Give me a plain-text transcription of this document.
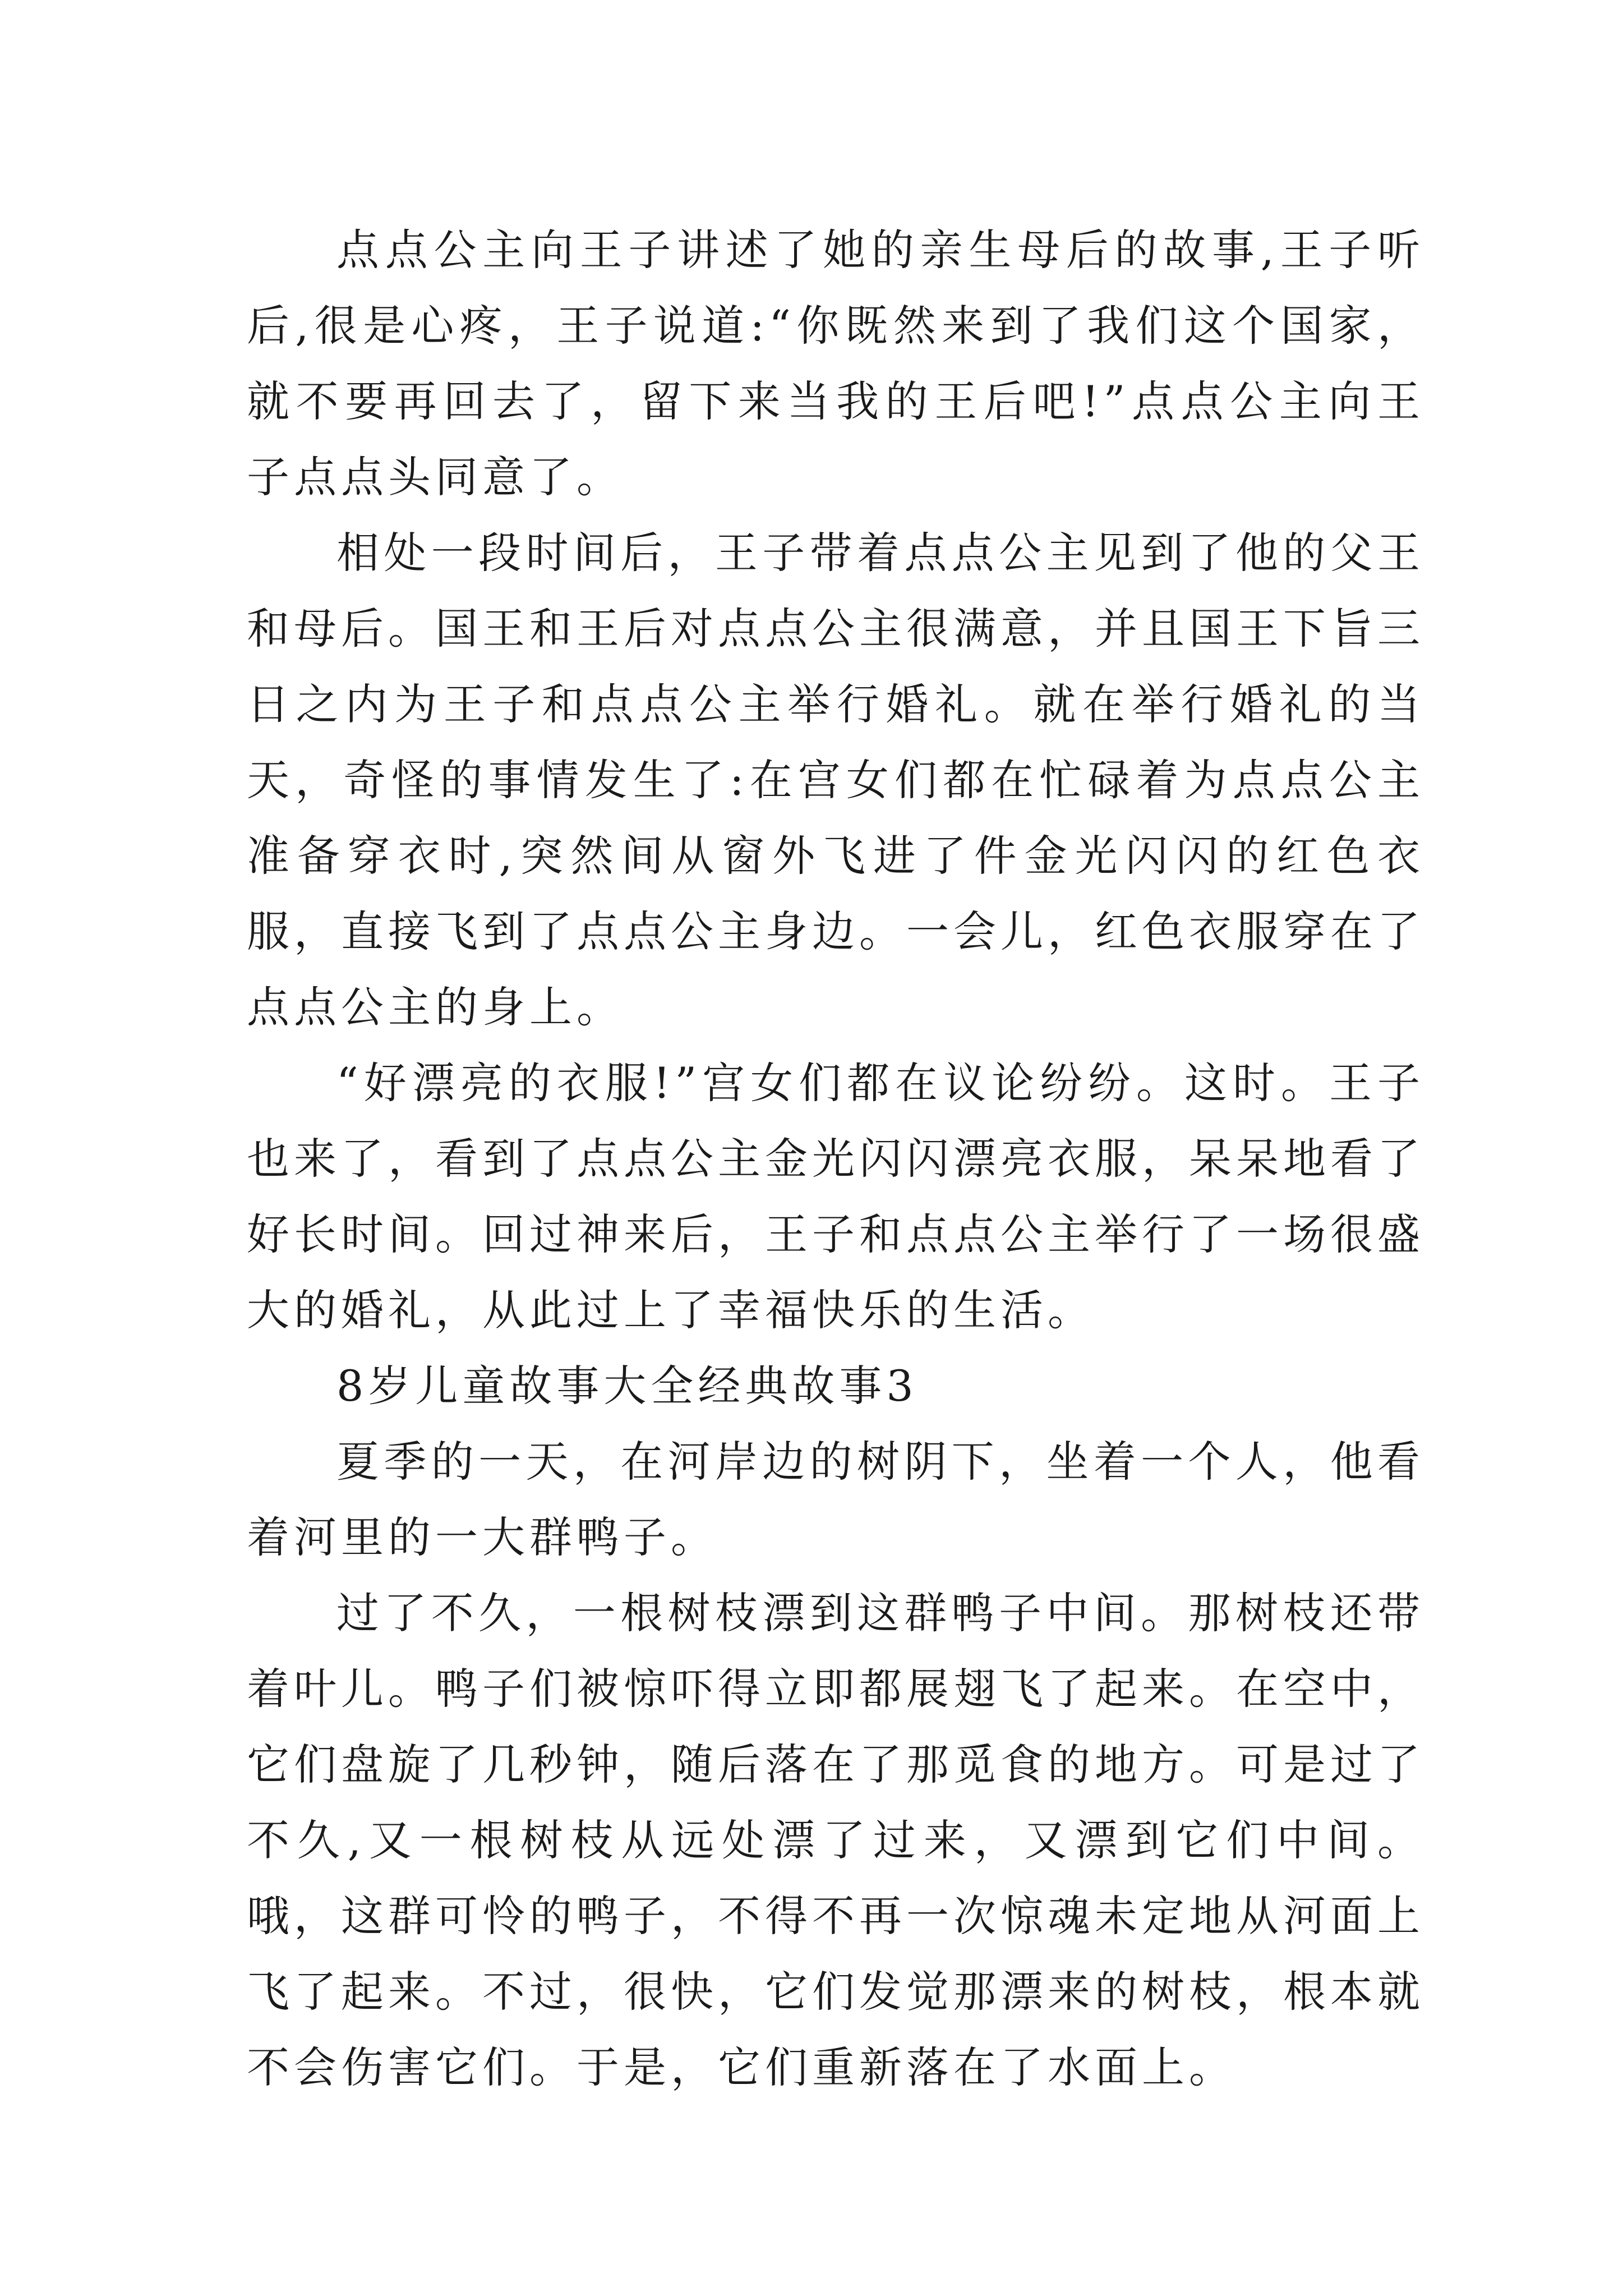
点点公主向王子讲述了她的亲生母后的故事,王子听后,很是心疼，王子说道:“你既然来到了我们这个国家，就不要再回去了，留下来当我的王后吧!”点点公主向王子点点头同意了。

相处一段时间后，王子带着点点公主见到了他的父王和母后。国王和王后对点点公主很满意，并且国王下旨三日之内为王子和点点公主举行婚礼。就在举行婚礼的当天，奇怪的事情发生了:在宫女们都在忙碌着为点点公主准备穿衣时,突然间从窗外飞进了件金光闪闪的红色衣服，直接飞到了点点公主身边。一会儿，红色衣服穿在了点点公主的身上。

“好漂亮的衣服!”宫女们都在议论纷纷。这时。王子也来了，看到了点点公主金光闪闪漂亮衣服，呆呆地看了好长时间。回过神来后，王子和点点公主举行了一场很盛大的婚礼，从此过上了幸福快乐的生活。

8岁儿童故事大全经典故事3

夏季的一天，在河岸边的树阴下，坐着一个人，他看着河里的一大群鸭子。

过了不久，一根树枝漂到这群鸭子中间。那树枝还带着叶儿。鸭子们被惊吓得立即都展翅飞了起来。在空中，它们盘旋了几秒钟，随后落在了那觅食的地方。可是过了不久,又一根树枝从远处漂了过来，又漂到它们中间。哦，这群可怜的鸭子，不得不再一次惊魂未定地从河面上飞了起来。不过，很快，它们发觉那漂来的树枝，根本就不会伤害它们。于是，它们重新落在了水面上。
